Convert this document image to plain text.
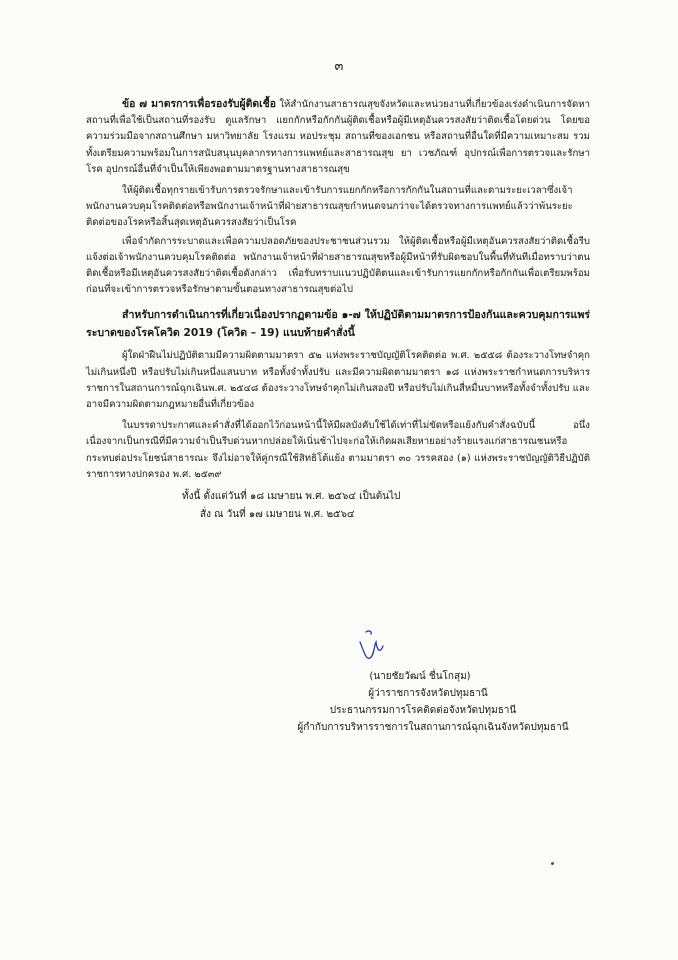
๓

ข้อ ๗ มาตรการเพื่อรองรับผู้ติดเชื้อ ให้สำนักงานสาธารณสุขจังหวัดและหน่วยงานที่เกี่ยวข้องเร่งดำเนินการจัดหาสถานที่เพื่อใช้เป็นสถานที่รองรับ ดูแลรักษา แยกกักหรือกักกันผู้ติดเชื้อหรือผู้มีเหตุอันควรสงสัยว่าติดเชื้อโดยด่วน โดยขอความร่วมมือจากสถานศึกษา มหาวิทยาลัย โรงแรม หอประชุม สถานที่ของเอกชน หรือสถานที่อื่นใดที่มีความเหมาะสม รวมทั้งเตรียมความพร้อมในการสนับสนุนบุคลากรทางการแพทย์และสาธารณสุข ยา เวชภัณฑ์ อุปกรณ์เพื่อการตรวจและรักษาโรค อุปกรณ์อื่นที่จำเป็นให้เพียงพอตามมาตรฐานทางสาธารณสุข

ให้ผู้ติดเชื้อทุกรายเข้ารับการตรวจรักษาและเข้ารับการแยกกักหรือการกักกันในสถานที่และตามระยะเวลาซึ่งเจ้าพนักงานควบคุมโรคติดต่อหรือพนักงานเจ้าหน้าที่ฝ่ายสาธารณสุขกำหนดจนกว่าจะได้ตรวจทางการแพทย์แล้วว่าพ้นระยะติดต่อของโรคหรือสิ้นสุดเหตุอันควรสงสัยว่าเป็นโรค

เพื่อจำกัดการระบาดและเพื่อความปลอดภัยของประชาชนส่วนรวม ให้ผู้ติดเชื้อหรือผู้มีเหตุอันควรสงสัยว่าติดเชื้อรีบแจ้งต่อเจ้าพนักงานควบคุมโรคติดต่อ พนักงานเจ้าหน้าที่ฝ่ายสาธารณสุขหรือผู้มีหน้าที่รับผิดชอบในพื้นที่ทันทีเมื่อทราบว่าตนติดเชื้อหรือมีเหตุอันควรสงสัยว่าติดเชื้อดังกล่าว เพื่อรับทราบแนวปฏิบัติตนและเข้ารับการแยกกักหรือกักกันเพื่อเตรียมพร้อมก่อนที่จะเข้าการตรวจหรือรักษาตามขั้นตอนทางสาธารณสุขต่อไป

สำหรับการดำเนินการที่เกี่ยวเนื่องปรากฏตามข้อ ๑-๗ ให้ปฏิบัติตามมาตรการป้องกันและควบคุมการแพร่ระบาดของโรคโควิด 2019 (โควิด – 19) แนบท้ายคำสั่งนี้

ผู้ใดฝ่าฝืนไม่ปฏิบัติตามมีความผิดตามมาตรา ๕๒ แห่งพระราชบัญญัติโรคติดต่อ พ.ศ. ๒๕๕๘ ต้องระวางโทษจำคุกไม่เกินหนึ่งปี หรือปรับไม่เกินหนึ่งแสนบาท หรือทั้งจำทั้งปรับ และมีความผิดตามมาตรา ๑๘ แห่งพระราชกำหนดการบริหารราชการในสถานการณ์ฉุกเฉินพ.ศ. ๒๕๔๘ ต้องระวางโทษจำคุกไม่เกินสองปี หรือปรับไม่เกินสี่หมื่นบาทหรือทั้งจำทั้งปรับ และอาจมีความผิดตามกฎหมายอื่นที่เกี่ยวข้อง

ในบรรดาประกาศและคำสั่งที่ได้ออกไว้ก่อนหน้านี้ให้มีผลบังคับใช้ได้เท่าที่ไม่ขัดหรือแย้งกับคำสั่งฉบับนี้ อนึ่ง เนื่องจากเป็นกรณีที่มีความจำเป็นรีบด่วนหากปล่อยให้เนิ่นช้าไปจะก่อให้เกิดผลเสียหายอย่างร้ายแรงแก่สาธารณชนหรือกระทบต่อประโยชน์สาธารณะ จึงไม่อาจให้คู่กรณีใช้สิทธิโต้แย้ง ตามมาตรา ๓๐ วรรคสอง (๑) แห่งพระราชบัญญัติวิธีปฏิบัติราชการทางปกครอง พ.ศ. ๒๕๓๙

ทั้งนี้ ตั้งแต่วันที่ ๑๘ เมษายน พ.ศ. ๒๕๖๔ เป็นต้นไป
สั่ง ณ วันที่ ๑๗ เมษายน พ.ศ. ๒๕๖๔
(นายชัยวัฒน์ ชื่นโกสุม)
ผู้ว่าราชการจังหวัดปทุมธานี
ประธานกรรมการโรคติดต่อจังหวัดปทุมธานี
ผู้กำกับการบริหารราชการในสถานการณ์ฉุกเฉินจังหวัดปทุมธานี
